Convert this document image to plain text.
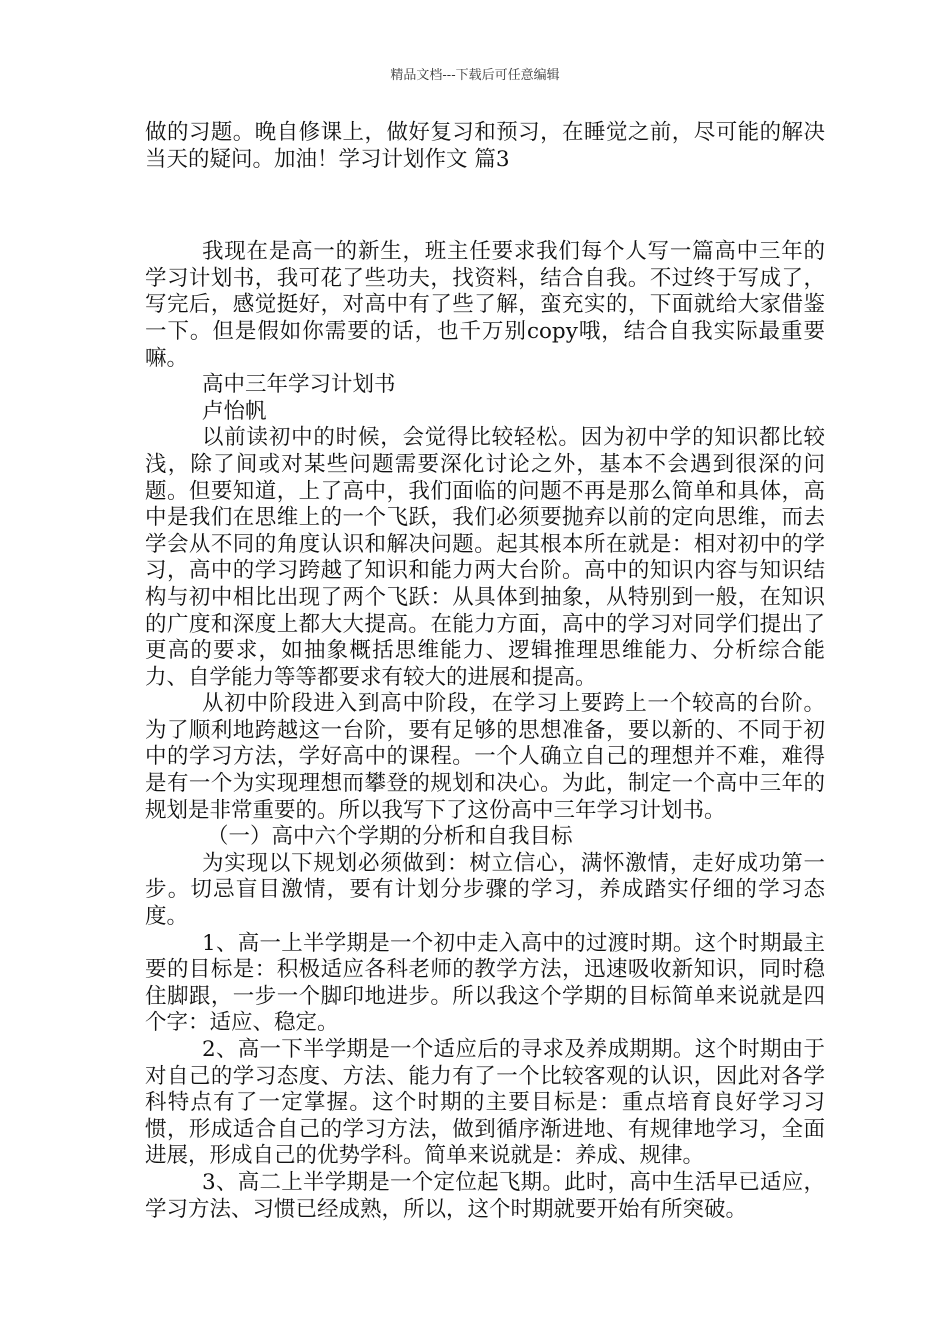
精品文档---下载后可任意编辑

做的习题。晚自修课上，做好复习和预习，在睡觉之前，尽可能的解决当天的疑问。加油！学习计划作文 篇3

我现在是高一的新生，班主任要求我们每个人写一篇高中三年的学习计划书，我可花了些功夫，找资料，结合自我。不过终于写成了，写完后，感觉挺好，对高中有了些了解，蛮充实的，下面就给大家借鉴一下。但是假如你需要的话，也千万别copy哦，结合自我实际最重要嘛。

高中三年学习计划书

卢怡帆

以前读初中的时候，会觉得比较轻松。因为初中学的知识都比较浅，除了间或对某些问题需要深化讨论之外，基本不会遇到很深的问题。但要知道，上了高中，我们面临的问题不再是那么简单和具体，高中是我们在思维上的一个飞跃，我们必须要抛弃以前的定向思维，而去学会从不同的角度认识和解决问题。起其根本所在就是：相对初中的学习，高中的学习跨越了知识和能力两大台阶。高中的知识内容与知识结构与初中相比出现了两个飞跃：从具体到抽象，从特别到一般，在知识的广度和深度上都大大提高。在能力方面，高中的学习对同学们提出了更高的要求，如抽象概括思维能力、逻辑推理思维能力、分析综合能力、自学能力等等都要求有较大的进展和提高。

从初中阶段进入到高中阶段，在学习上要跨上一个较高的台阶。为了顺利地跨越这一台阶，要有足够的思想准备，要以新的、不同于初中的学习方法，学好高中的课程。一个人确立自己的理想并不难，难得是有一个为实现理想而攀登的规划和决心。为此，制定一个高中三年的规划是非常重要的。所以我写下了这份高中三年学习计划书。

（一）高中六个学期的分析和自我目标

为实现以下规划必须做到：树立信心，满怀激情，走好成功第一步。切忌盲目激情，要有计划分步骤的学习，养成踏实仔细的学习态度。

1、高一上半学期是一个初中走入高中的过渡时期。这个时期最主要的目标是：积极适应各科老师的教学方法，迅速吸收新知识，同时稳住脚跟，一步一个脚印地进步。所以我这个学期的目标简单来说就是四个字：适应、稳定。

2、高一下半学期是一个适应后的寻求及养成期期。这个时期由于对自己的学习态度、方法、能力有了一个比较客观的认识，因此对各学科特点有了一定掌握。这个时期的主要目标是：重点培育良好学习习惯，形成适合自己的学习方法，做到循序渐进地、有规律地学习，全面进展，形成自己的优势学科。简单来说就是：养成、规律。

3、高二上半学期是一个定位起飞期。此时，高中生活早已适应，学习方法、习惯已经成熟，所以，这个时期就要开始有所突破。
